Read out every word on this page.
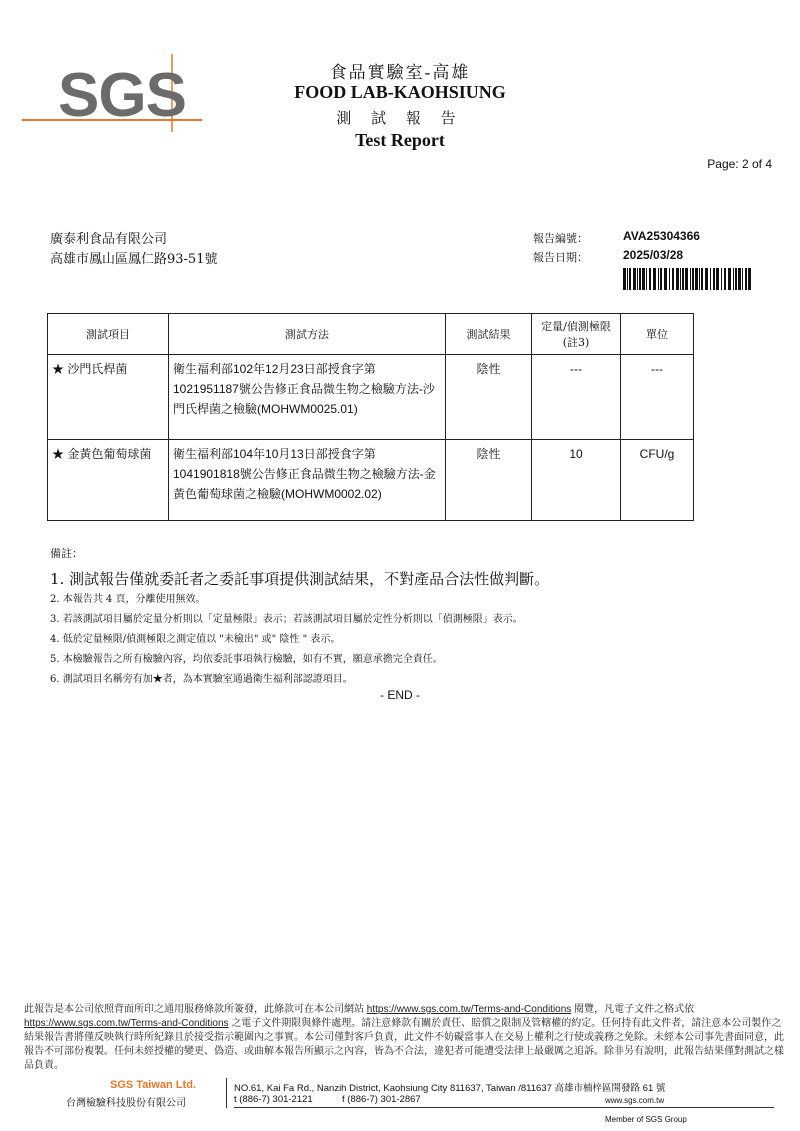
SGS	食品實驗室-高雄
FOOD LAB-KAOHSIUNG
測 試 報 告
Test Report
Page: 2 of 4
廣泰利食品有限公司
高雄市鳳山區鳳仁路93-51號
報告編號：	AVA25304366
報告日期：	2025/03/28
測試項目	測試方法	測試結果	定量/偵測極限(註3)	單位
★ 沙門氏桿菌	衛生福利部102年12月23日部授食字第1021951187號公告修正食品微生物之檢驗方法-沙門氏桿菌之檢驗(MOHWM0025.01)	陰性	---	---
★ 金黃色葡萄球菌	衛生福利部104年10月13日部授食字第1041901818號公告修正食品微生物之檢驗方法-金黃色葡萄球菌之檢驗(MOHWM0002.02)	陰性	10	CFU/g
備註：
1. 測試報告僅就委託者之委託事項提供測試結果，不對產品合法性做判斷。
2. 本報告共 4 頁，分離使用無效。
3. 若該測試項目屬於定量分析則以「定量極限」表示；若該測試項目屬於定性分析則以「偵測極限」表示。
4. 低於定量極限/偵測極限之測定值以 "未檢出" 或" 陰性 " 表示。
5. 本檢驗報告之所有檢驗內容，均依委託事項執行檢驗，如有不實，願意承擔完全責任。
6. 測試項目名稱旁有加★者，為本實驗室通過衛生福利部認證項目。
- END -
此報告是本公司依照背面所印之通用服務條款所簽發，此條款可在本公司網站 https://www.sgs.com.tw/Terms-and-Conditions 閱覽，凡電子文件之格式依
https://www.sgs.com.tw/Terms-and-Conditions 之電子文件期限與條件處理。請注意條款有關於責任、賠償之限制及管轄權的約定。任何持有此文件者，請注意本公司製作之結果報告書將僅反映執行時所紀錄且於接受指示範圍內之事實。本公司僅對客戶負責，此文件不妨礙當事人在交易上權利之行使或義務之免除。未經本公司事先書面同意，此報告不可部份複製。任何未經授權的變更、偽造、或曲解本報告所顯示之內容，皆為不合法，違犯者可能遭受法律上最嚴厲之追訴。除非另有說明，此報告結果僅對測試之樣品負責。
SGS Taiwan Ltd.
台灣檢驗科技股份有限公司
NO.61, Kai Fa Rd., Nanzih District, Kaohsiung City 811637, Taiwan /811637 高雄市楠梓區開發路 61 號
t (886-7) 301-2121	f (886-7) 301-2867	www.sgs.com.tw
Member of SGS Group
